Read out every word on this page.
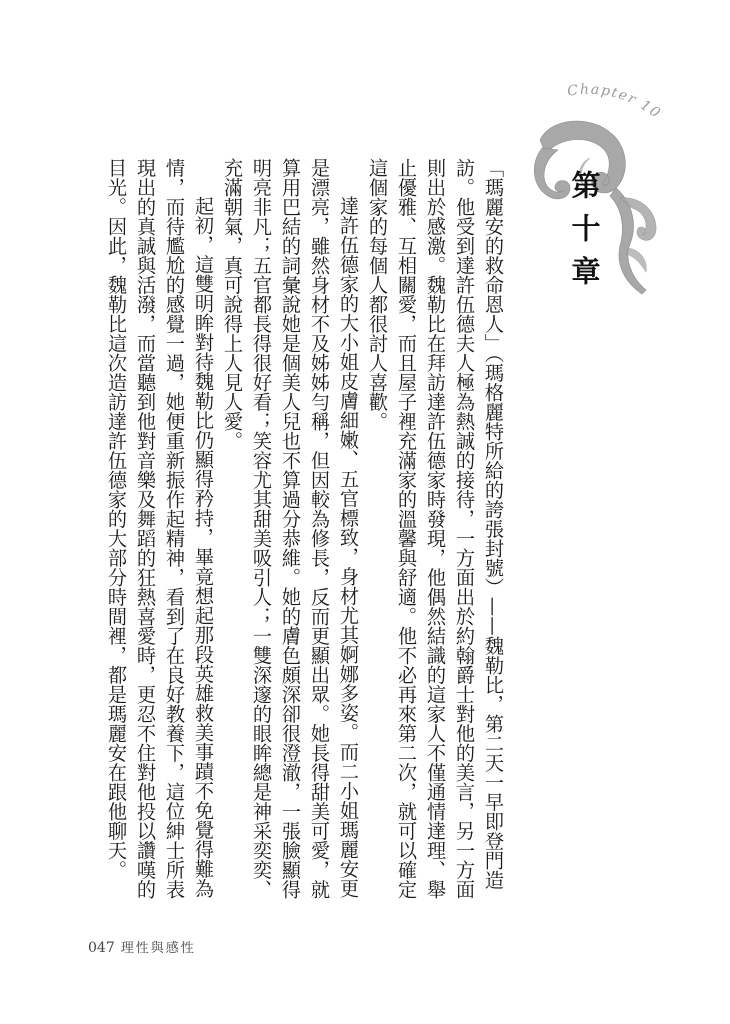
Chapter 10
第十章

「瑪麗安的救命恩人」（瑪格麗特所給的誇張封號）——魏勒比，第二天一早即登門造訪。他受到達許伍德夫人極為熱誠的接待，一方面出於約翰爵士對他的美言，另一方面則出於感激。魏勒比在拜訪達許伍德家時發現，他偶然結識的這家人不僅通情達理、舉止優雅、互相關愛，而且屋子裡充滿家的溫馨與舒適。他不必再來第二次，就可以確定這個家的每個人都很討人喜歡。

達許伍德家的大小姐皮膚細嫩、五官標致，身材尤其婀娜多姿。而二小姐瑪麗安更是漂亮，雖然身材不及姊姊勻稱，但因較為修長，反而更顯出眾。她長得甜美可愛，就算用巴結的詞彙說她是個美人兒也不算過分恭維。她的膚色頗深卻很澄澈，一張臉顯得明亮非凡；五官都長得很好看；笑容尤其甜美吸引人；一雙深邃的眼眸總是神采奕奕、充滿朝氣，真可說得上人見人愛。

起初，這雙明眸對待魏勒比仍顯得矜持，畢竟想起那段英雄救美事蹟不免覺得難為情，而待尷尬的感覺一過，她便重新振作起精神，看到了在良好教養下，這位紳士所表現出的真誠與活潑，而當聽到他對音樂及舞蹈的狂熱喜愛時，更忍不住對他投以讚嘆的目光。因此，魏勒比這次造訪達許伍德家的大部分時間裡，都是瑪麗安在跟他聊天。

047 理性與感性
